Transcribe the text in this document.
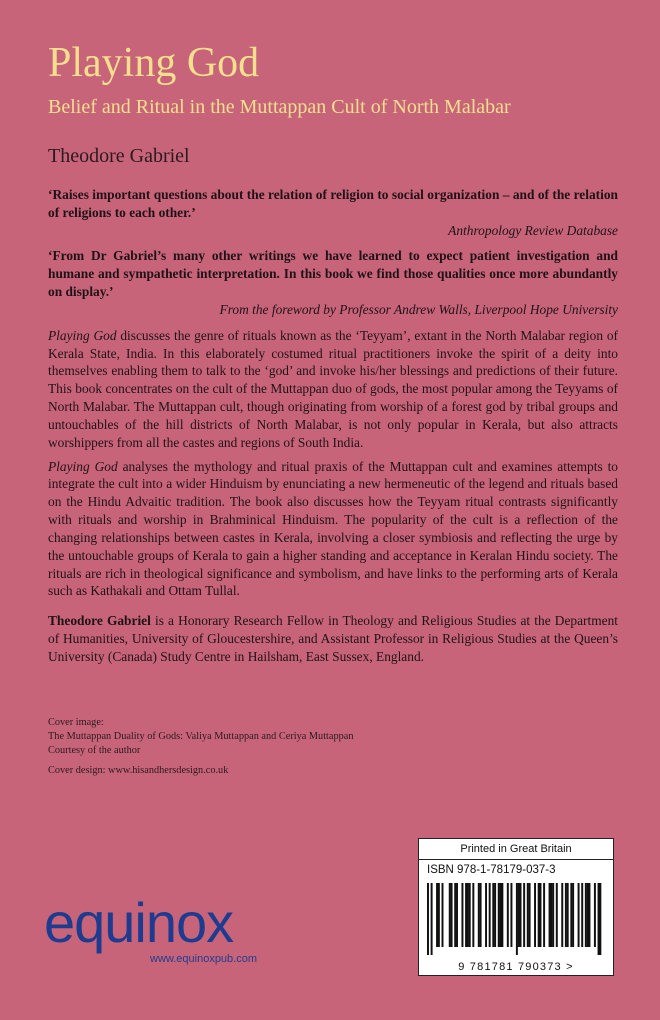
Playing God
Belief and Ritual in the Muttappan Cult of North Malabar
Theodore Gabriel

‘Raises important questions about the relation of religion to social organization – and of the relation of religions to each other.’

Anthropology Review Database

‘From Dr Gabriel’s many other writings we have learned to expect patient investigation and humane and sympathetic interpretation. In this book we find those qualities once more abundantly on display.’

From the foreword by Professor Andrew Walls, Liverpool Hope University

Playing God discusses the genre of rituals known as the ‘Teyyam’, extant in the North Malabar region of Kerala State, India. In this elaborately costumed ritual practitioners invoke the spirit of a deity into themselves enabling them to talk to the ‘god’ and invoke his/her blessings and predictions of their future. This book concentrates on the cult of the Muttappan duo of gods, the most popular among the Teyyams of North Malabar. The Muttappan cult, though originating from worship of a forest god by tribal groups and untouchables of the hill districts of North Malabar, is not only popular in Kerala, but also attracts worshippers from all the castes and regions of South India.

Playing God analyses the mythology and ritual praxis of the Muttappan cult and examines attempts to integrate the cult into a wider Hinduism by enunciating a new hermeneutic of the legend and rituals based on the Hindu Advaitic tradition. The book also discusses how the Teyyam ritual contrasts significantly with rituals and worship in Brahminical Hinduism. The popularity of the cult is a reflection of the changing relationships between castes in Kerala, involving a closer symbiosis and reflecting the urge by the untouchable groups of Kerala to gain a higher standing and acceptance in Keralan Hindu society. The rituals are rich in theological significance and symbolism, and have links to the performing arts of Kerala such as Kathakali and Ottam Tullal.

Theodore Gabriel is a Honorary Research Fellow in Theology and Religious Studies at the Department of Humanities, University of Gloucestershire, and Assistant Professor in Religious Studies at the Queen’s University (Canada) Study Centre in Hailsham, East Sussex, England.

Cover image:

The Muttappan Duality of Gods: Valiya Muttappan and Ceriya Muttappan

Courtesy of the author

Cover design: www.hisandhersdesign.co.uk

Printed in Great Britain
ISBN 978-1-78179-037-3
9 781781 790373 >
equinox
www.equinoxpub.com
